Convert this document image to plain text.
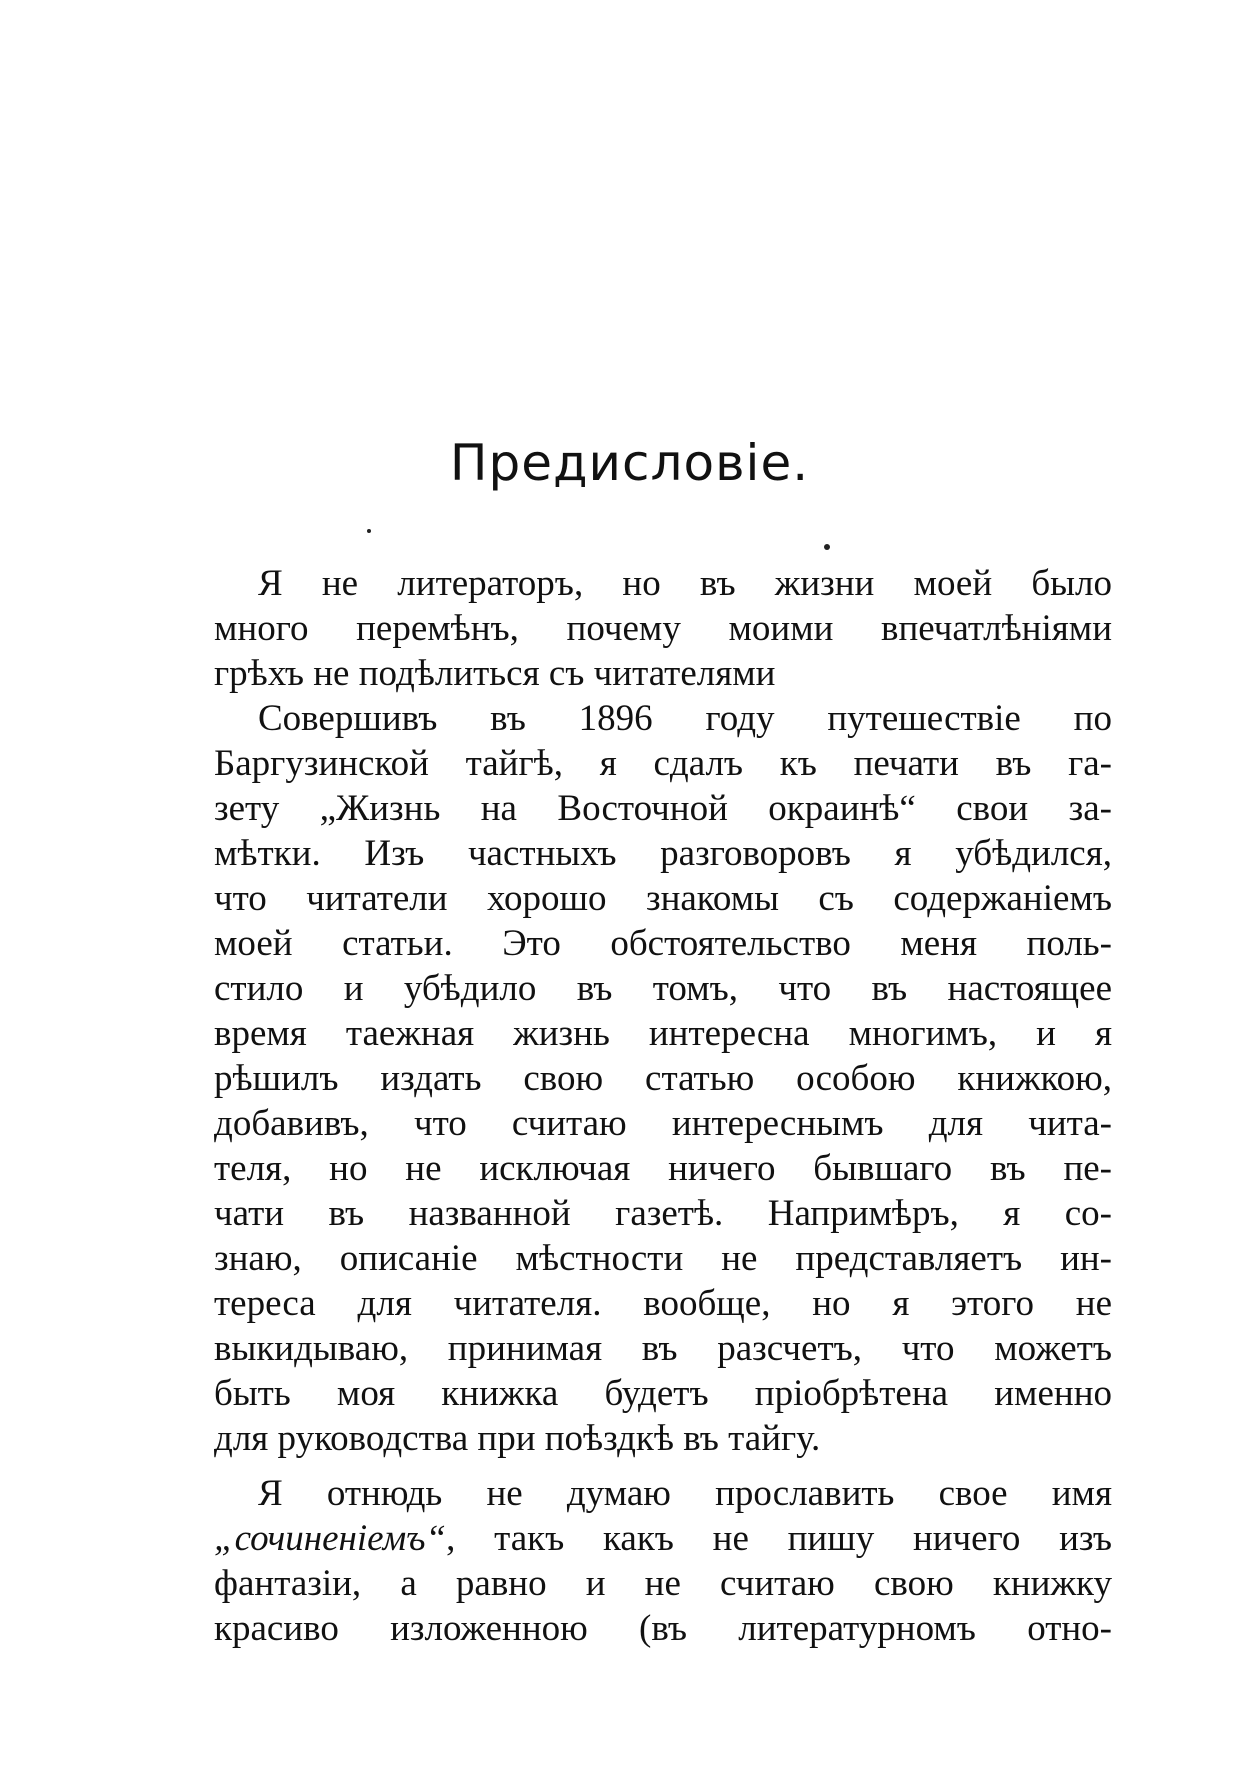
Предисловіе.

Я не литераторъ, но въ жизни моей было
много перемѣнъ, почему моими впечатлѣніями
грѣхъ не подѣлиться съ читателями

Совершивъ въ 1896 году путешествіе по
Баргузинской тайгѣ, я сдалъ къ печати въ га-
зету „Жизнь на Восточной окраинѣ“ свои за-
мѣтки. Изъ частныхъ разговоровъ я убѣдился,
что читатели хорошо знакомы съ содержаніемъ
моей статьи. Это обстоятельство меня поль-
стило и убѣдило въ томъ, что въ настоящее
время таежная жизнь интересна многимъ, и я
рѣшилъ издать свою статью особою книжкою,
добавивъ, что считаю интереснымъ для чита-
теля, но не исключая ничего бывшаго въ пе-
чати въ названной газетѣ. Напримѣръ, я со-
знаю, описаніе мѣстности не представляетъ ин-
тереса для читателя. вообще, но я этого не
выкидываю, принимая въ разсчетъ, что можетъ
быть моя книжка будетъ пріобрѣтена именно
для руководства при поѣздкѣ въ тайгу.

Я отнюдь не думаю прославить свое имя
„сочиненіемъ“, такъ какъ не пишу ничего изъ
фантазіи, а равно и не считаю свою книжку
красиво изложенною (въ литературномъ отно-
